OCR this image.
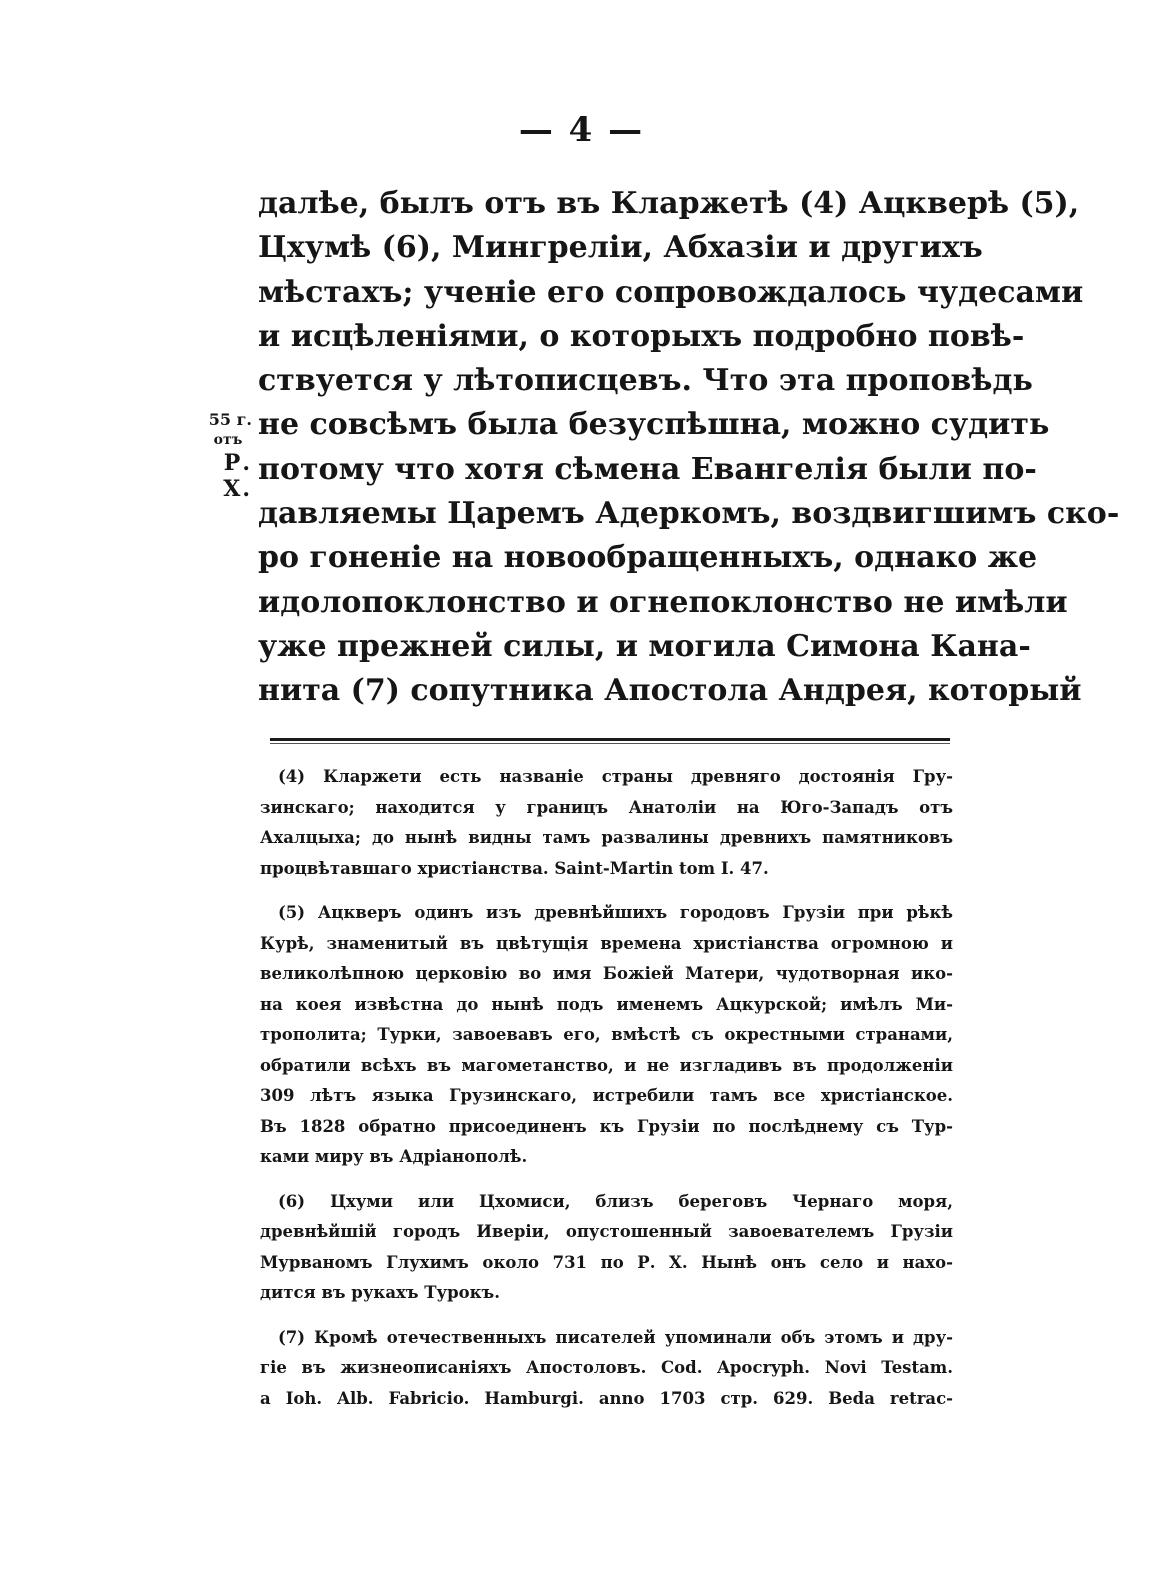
— 4 —
55 г.
отъ
Р. Х.
далѣе, былъ отъ въ Кларжетѣ (4) Ацкверѣ (5),
Цхумѣ (6), Мингреліи, Абхазіи и другихъ
мѣстахъ; ученіе его сопровождалось чудесами
и исцѣленіями, о которыхъ подробно повѣ-
ствуется у лѣтописцевъ. Что эта проповѣдь
не совсѣмъ была безуспѣшна, можно судить
потому что хотя сѣмена Евангелія были по-
давляемы Царемъ Адеркомъ, воздвигшимъ ско-
ро гоненіе на новообращенныхъ, однако же
идолопоклонство и огнепоклонство не имѣли
уже прежней силы, и могила Симона Кана-
нита (7) сопутника Апостола Андрея, который
(4) Кларжети есть названіе страны древняго достоянія Гру-
зинскаго; находится у границъ Анатоліи на Юго-Западъ отъ
Ахалцыха; до нынѣ видны тамъ развалины древнихъ памятниковъ
процвѣтавшаго христіанства. Saint-Martin tom I. 47.
(5) Ацкверъ одинъ изъ древнѣйшихъ городовъ Грузіи при рѣкѣ
Курѣ, знаменитый въ цвѣтущія времена христіанства огромною и
великолѣпною церковію во имя Божіей Матери, чудотворная ико-
на коея извѣстна до нынѣ подъ именемъ Ацкурской; имѣлъ Ми-
трополита; Турки, завоевавъ его, вмѣстѣ съ окрестными странами,
обратили всѣхъ въ магометанство, и не изгладивъ въ продолженіи
309 лѣтъ языка Грузинскаго, истребили тамъ все христіанское.
Въ 1828 обратно присоединенъ къ Грузіи по послѣднему съ Тур-
ками миру въ Адріанополѣ.
(6) Цхуми или Цхомиси, близъ береговъ Чернаго моря,
древнѣйшій городъ Иверіи, опустошенный завоевателемъ Грузіи
Мурваномъ Глухимъ около 731 по Р. Х. Нынѣ онъ село и нахо-
дится въ рукахъ Турокъ.
(7) Кромѣ отечественныхъ писателей упоминали объ этомъ и дру-
гіе въ жизнеописаніяхъ Апостоловъ. Cod. Apocryph. Novi Testam.
a Ioh. Alb. Fabricio. Hamburgi. anno 1703 стр. 629. Beda retrac-
